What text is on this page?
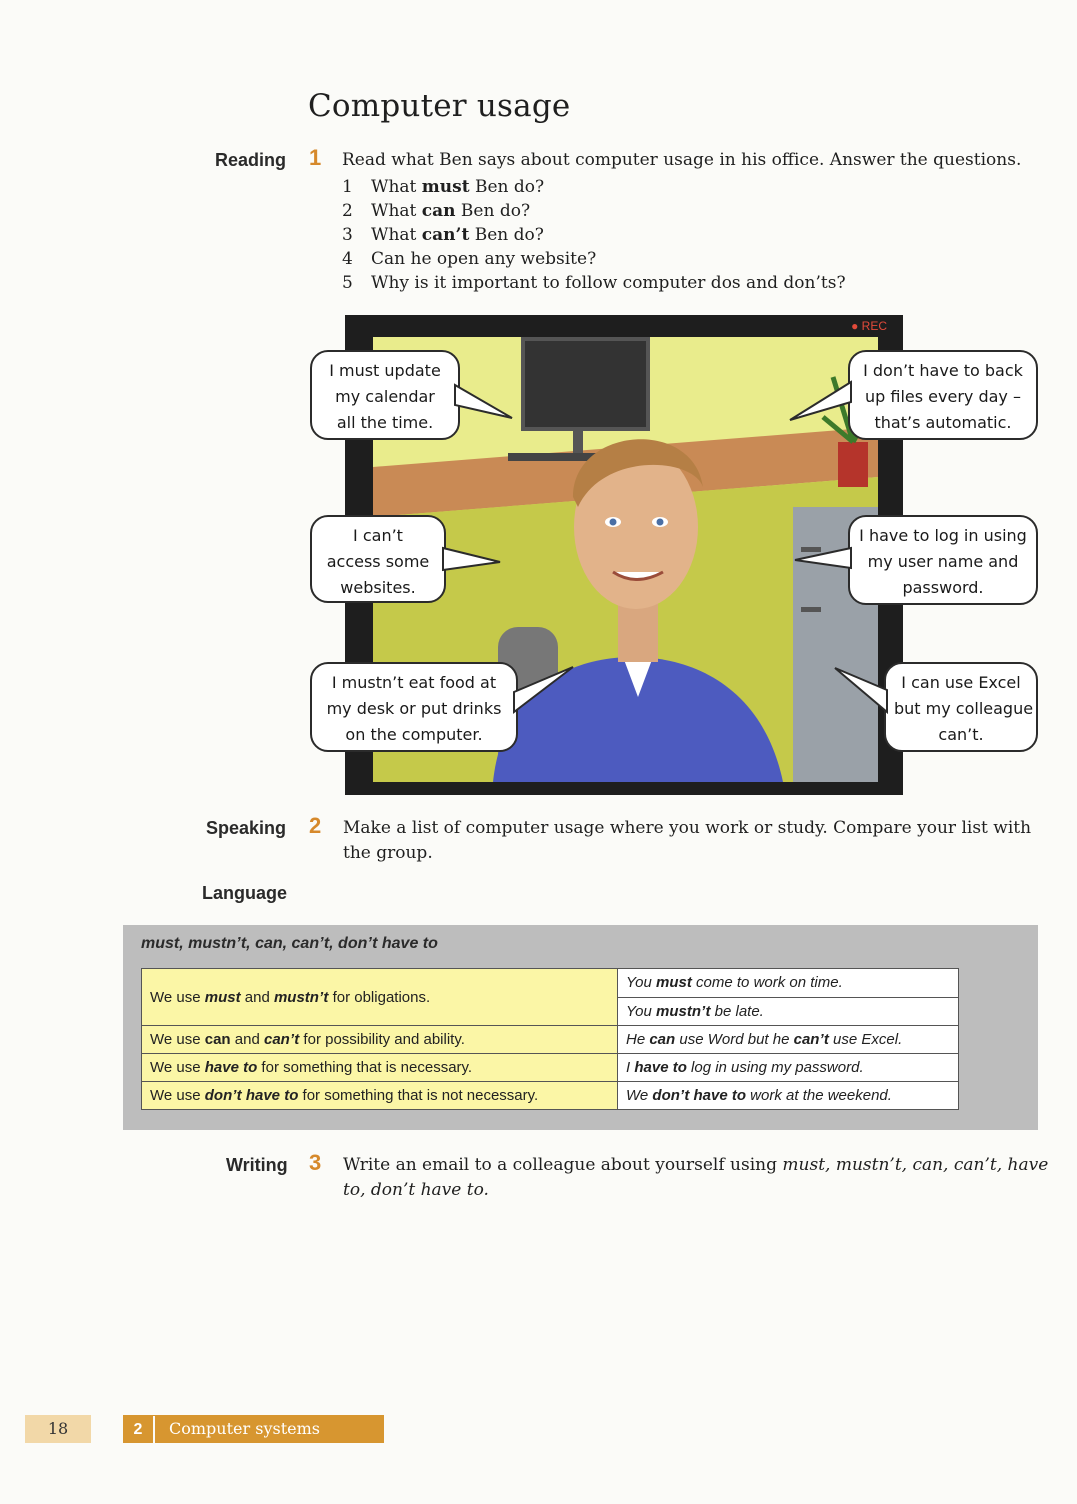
Computer usage
Reading 1 Read what Ben says about computer usage in his office. Answer the questions.
1	What must Ben do?
2	What can Ben do?
3	What can’t Ben do?
4	Can he open any website?
5	Why is it important to follow computer dos and don’ts?
● REC
I must update
my calendar
all the time.
I don’t have to back
up files every day –
that’s automatic.
I can’t
access some
websites.
I have to log in using
my user name and
password.
I mustn’t eat food at
my desk or put drinks
on the computer.
I can use Excel
but my colleague
can’t.
Speaking 2 Make a list of computer usage where you work or study. Compare your list with
the group.
Language
must, mustn’t, can, can’t, don’t have to
We use must and mustn’t for obligations.	You must come to work on time.
	You mustn’t be late.
We use can and can’t for possibility and ability.	He can use Word but he can’t use Excel.
We use have to for something that is necessary.	I have to log in using my password.
We use don’t have to for something that is not necessary.	We don’t have to work at the weekend.
Writing 3 Write an email to a colleague about yourself using must, mustn’t, can, can’t, have
to, don’t have to.
18	2 Computer systems
